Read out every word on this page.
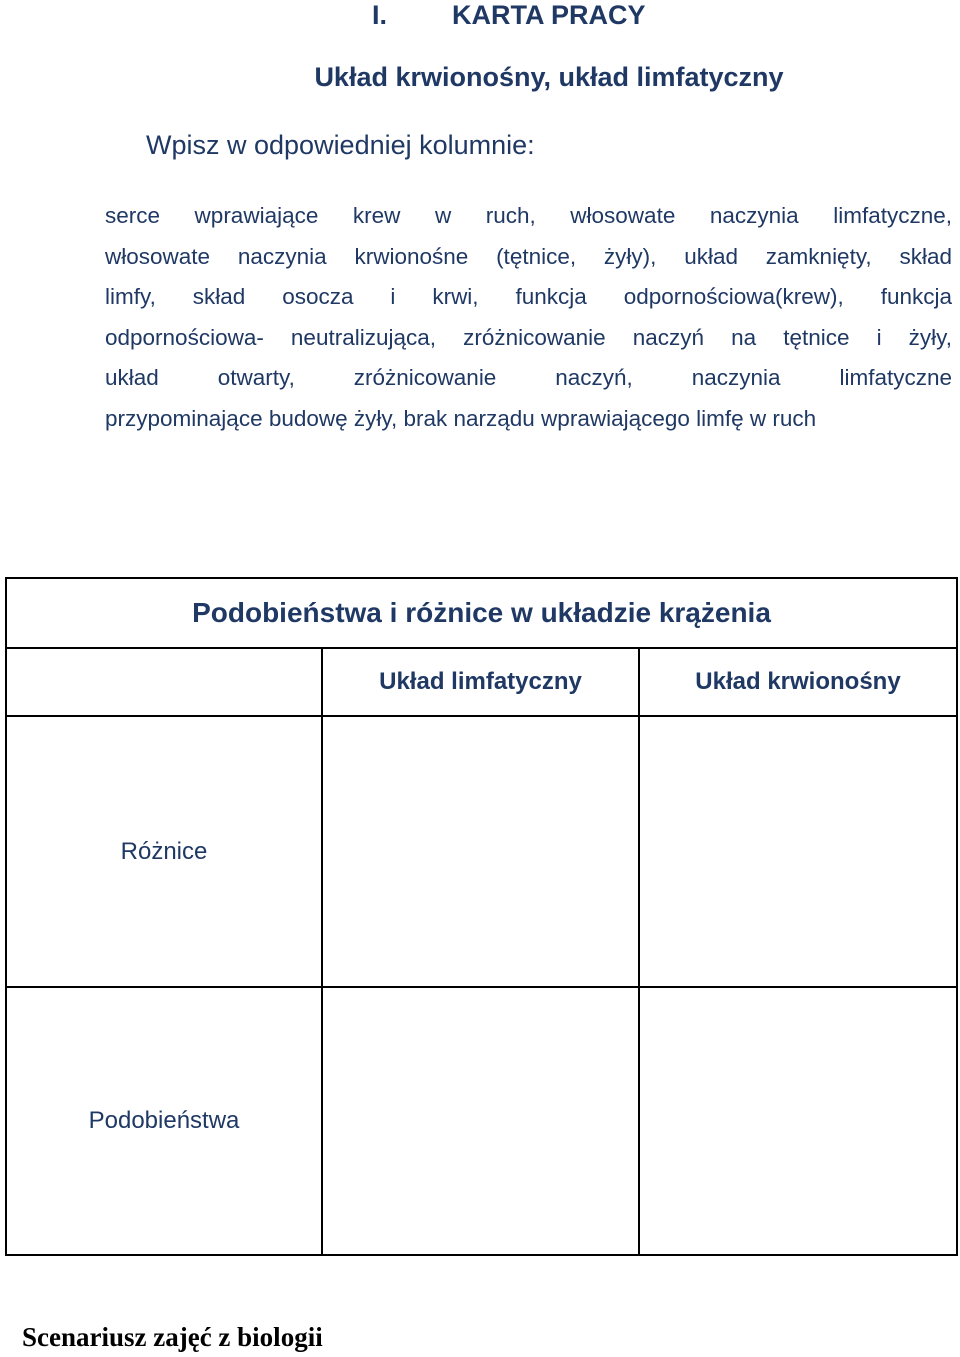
I. KARTA PRACY
Układ krwionośny, układ limfatyczny
Wpisz w odpowiedniej kolumnie:
serce wprawiające krew w ruch, włosowate naczynia limfatyczne,
włosowate naczynia krwionośne (tętnice, żyły), układ zamknięty, skład
limfy, skład osocza i krwi, funkcja odpornościowa(krew), funkcja
odpornościowa- neutralizująca, zróżnicowanie naczyń na tętnice i żyły,
układ otwarty, zróżnicowanie naczyń, naczynia limfatyczne
przypominające budowę żyły, brak narządu wprawiającego limfę w ruch
Podobieństwa i różnice w układzie krążenia		
	Układ limfatyczny	Układ krwionośny
Różnice		
Podobieństwa		
Scenariusz zajęć z biologii
